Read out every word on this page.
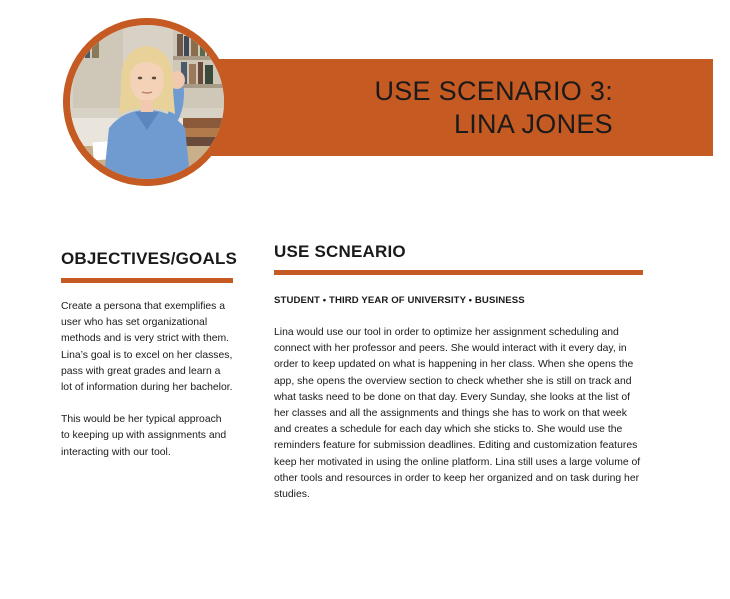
USE SCENARIO 3:
LINA JONES
OBJECTIVES/GOALS

Create a persona that exemplifies a user who has set organizational methods and is very strict with them.

Lina’s goal is to excel on her classes, pass with great grades and learn a lot of information during her bachelor.

This would be her typical approach to keeping up with assignments and interacting with our tool.

USE SCNEARIO
STUDENT • THIRD YEAR OF UNIVERSITY • BUSINESS

Lina would use our tool in order to optimize her assignment scheduling and connect with her professor and peers. She would interact with it every day, in order to keep updated on what is happening in her class. When she opens the app, she opens the overview section to check whether she is still on track and what tasks need to be done on that day. Every Sunday, she looks at the list of her classes and all the assignments and things she has to work on that week and creates a schedule for each day which she sticks to. She would use the reminders feature for submission deadlines. Editing and customization features keep her motivated in using the online platform. Lina still uses a large volume of other tools and resources in order to keep her organized and on task during her studies.
